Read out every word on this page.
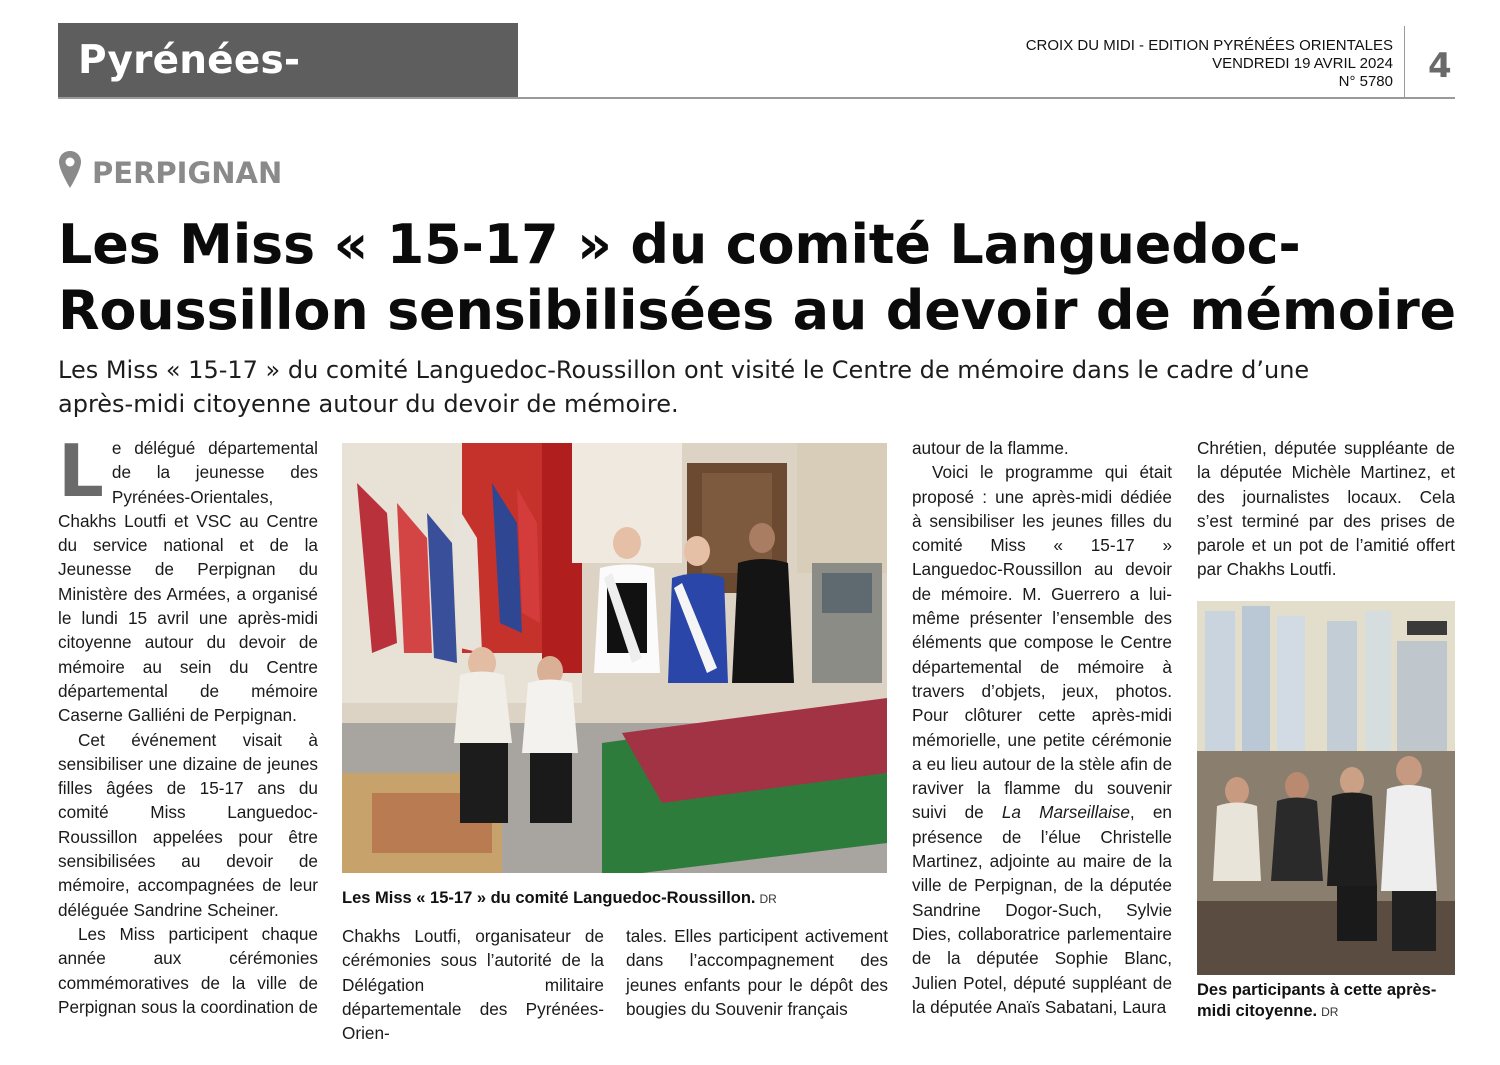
Pyrénées-Orientales
CROIX DU MIDI - EDITION PYRÉNÉES ORIENTALES
VENDREDI 19 AVRIL 2024
N° 5780 4
PERPIGNAN
Les Miss « 15-17 » du comité Languedoc-Roussillon sensibilisées au devoir de mémoire
Les Miss « 15-17 » du comité Languedoc-Roussillon ont visité le Centre de mémoire dans le cadre d’une après-midi citoyenne autour du devoir de mémoire.

Le délégué départemental de la jeunesse des Pyrénées-Orientales, Chakhs Loutfi et VSC au Centre du service national et de la Jeunesse de Perpignan du Ministère des Armées, a organisé le lundi 15 avril une après-midi citoyenne autour du devoir de mémoire au sein du Centre départemental de mémoire Caserne Galliéni de Perpignan.

Cet événement visait à sensibiliser une dizaine de jeunes filles âgées de 15-17 ans du comité Miss Languedoc-Roussillon appelées pour être sensibilisées au devoir de mémoire, accompagnées de leur déléguée Sandrine Scheiner.

Les Miss participent chaque année aux cérémonies commémoratives de la ville de Perpignan sous la coordination de

Les Miss « 15-17 » du comité Languedoc-Roussillon. DR

Chakhs Loutfi, organisateur de cérémonies sous l’autorité de la Délégation militaire départementale des Pyrénées-Orien-

tales. Elles participent activement dans l’accompagnement des jeunes enfants pour le dépôt des bougies du Souvenir français

autour de la flamme.

Voici le programme qui était proposé : une après-midi dédiée à sensibiliser les jeunes filles du comité Miss « 15-17 » Languedoc-Roussillon au devoir de mémoire. M. Guerrero a lui-même présenter l’ensemble des éléments que compose le Centre départemental de mémoire à travers d’objets, jeux, photos. Pour clôturer cette après-midi mémorielle, une petite cérémonie a eu lieu autour de la stèle afin de raviver la flamme du souvenir suivi de La Marseillaise, en présence de l’élue Christelle Martinez, adjointe au maire de la ville de Perpignan, de la députée Sandrine Dogor-Such, Sylvie Dies, collaboratrice parlementaire de la députée Sophie Blanc, Julien Potel, député suppléant de la députée Anaïs Sabatani, Laura

Chrétien, députée suppléante de la députée Michèle Martinez, et des journalistes locaux. Cela s’est terminé par des prises de parole et un pot de l’amitié offert par Chakhs Loutfi.

Des participants à cette après-midi citoyenne. DR
